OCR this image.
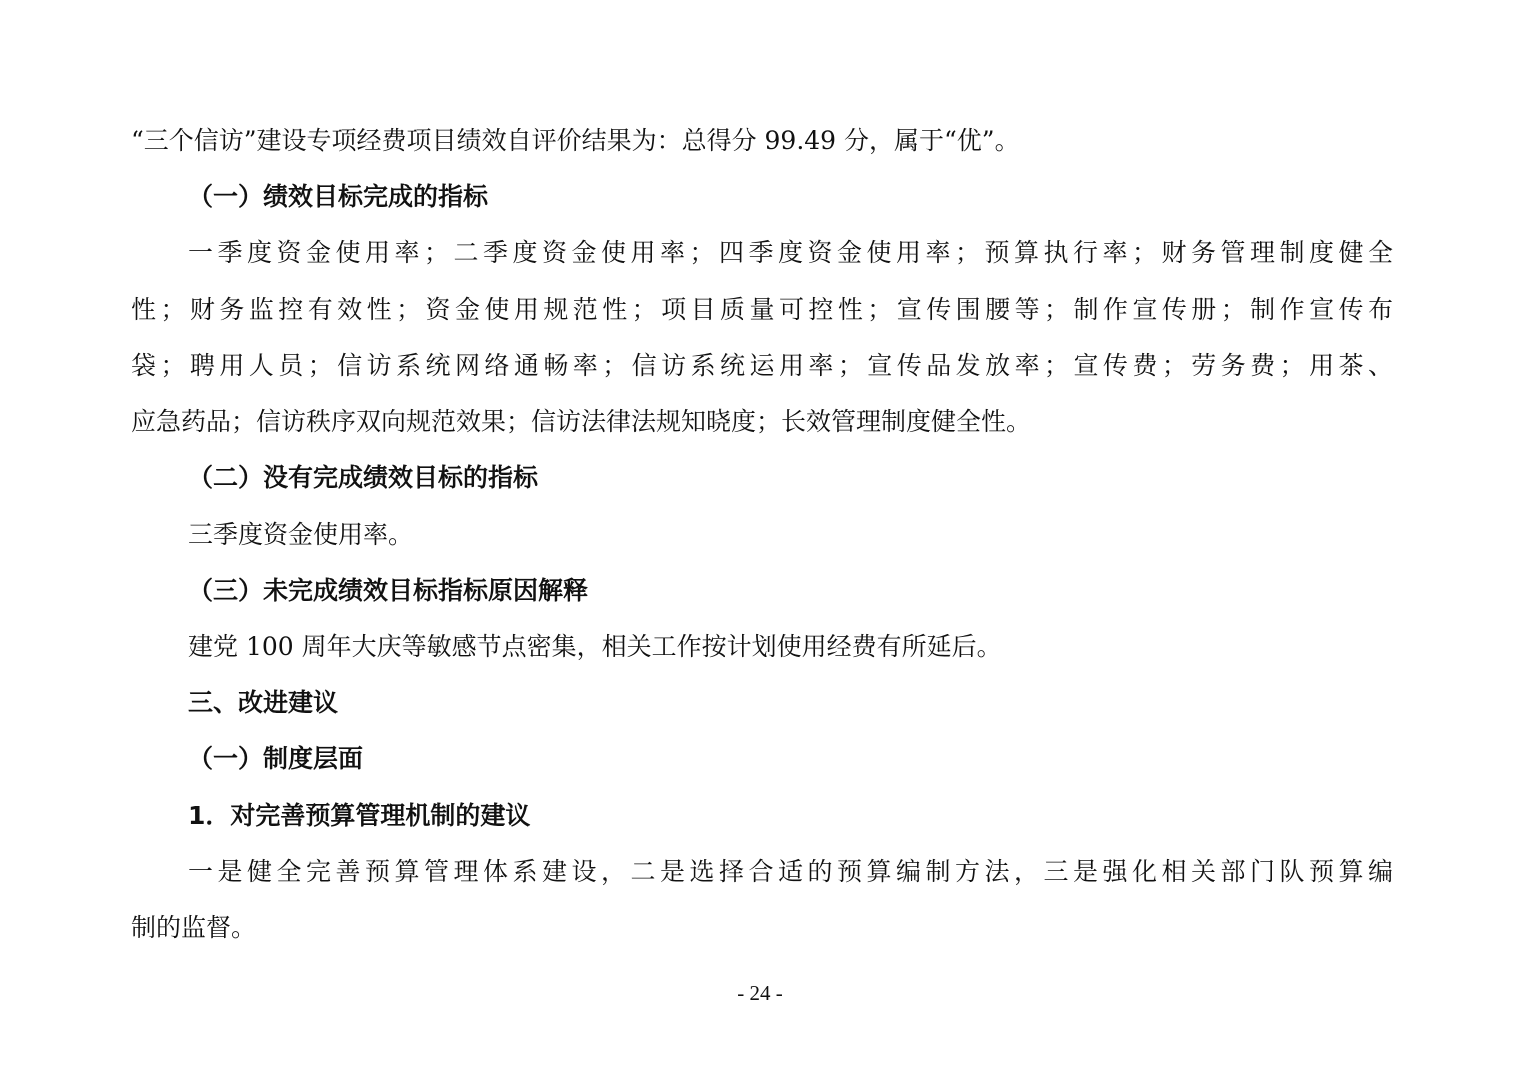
“三个信访”建设专项经费项目绩效自评价结果为：总得分 99.49 分，属于“优”。
（一）绩效目标完成的指标
一季度资金使用率；二季度资金使用率；四季度资金使用率；预算执行率；财务管理制度健全
性；财务监控有效性；资金使用规范性；项目质量可控性；宣传围腰等；制作宣传册；制作宣传布
袋；聘用人员；信访系统网络通畅率；信访系统运用率；宣传品发放率；宣传费；劳务费；用茶、
应急药品；信访秩序双向规范效果；信访法律法规知晓度；长效管理制度健全性。
（二）没有完成绩效目标的指标
三季度资金使用率。
（三）未完成绩效目标指标原因解释
建党 100 周年大庆等敏感节点密集，相关工作按计划使用经费有所延后。
三、改进建议
（一）制度层面
1．对完善预算管理机制的建议
一是健全完善预算管理体系建设，二是选择合适的预算编制方法，三是强化相关部门队预算编
制的监督。
- 24 -
